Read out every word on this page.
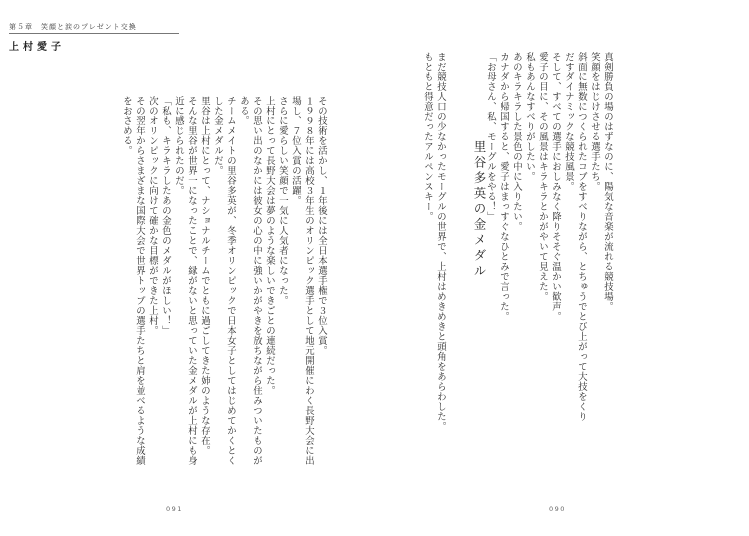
第５章　笑顔と涙のプレゼント交換
上村愛子
真剣勝負の場のはずなのに、陽気な音楽が流れる競技場。
笑顔をはじけさせる選手たち。
斜面に無数につくられたコブをすべりながら、とちゅうでとび上がって大技をくり
だすダイナミックな競技風景。
そして、すべての選手におしみなく降りそそぐ温かい歓声。
愛子の目に、その風景はキラキラとかがやいて見えた。
私もあんなすべりがしたい。
あのキラキラした景色の中に入りたい。
カナダから帰国すると、愛子はまっすぐなひとみで言った。
「お母さん、私、モーグルをやる！」
里谷多英の金メダル
まだ競技人口の少なかったモーグルの世界で、上村はめきめきと頭角をあらわした。
もともと得意だったアルペンスキー。
090
その技術を活かし、１年後には全日本選手権で３位入賞。
１９９８年には高校３年生のオリンピック選手として地元開催にわく長野大会に出
場し、７位入賞の活躍。
さらに愛らしい笑顔で一気に人気者になった。
上村にとって長野大会は夢のような楽しいできごとの連続だった。
その思い出のなかには彼女の心の中に強いかがやきを放ちながら住みついたものが
ある。
チームメイトの里谷多英が、冬季オリンピックで日本女子としてはじめてかくとく
した金メダルだ。
里谷は上村にとって、ナショナルチームでともに過ごしてきた姉のような存在。
そんな里谷が世界一になったことで、縁がないと思っていた金メダルが上村にも身
近に感じられたのだ。
「私も、キラキラしたあの金色のメダルがほしい！」
次のオリンピックに向けて確かな目標ができた上村。
その翌年からさまざまな国際大会で世界トップの選手たちと肩を並べるような成績
をおさめる。
091
